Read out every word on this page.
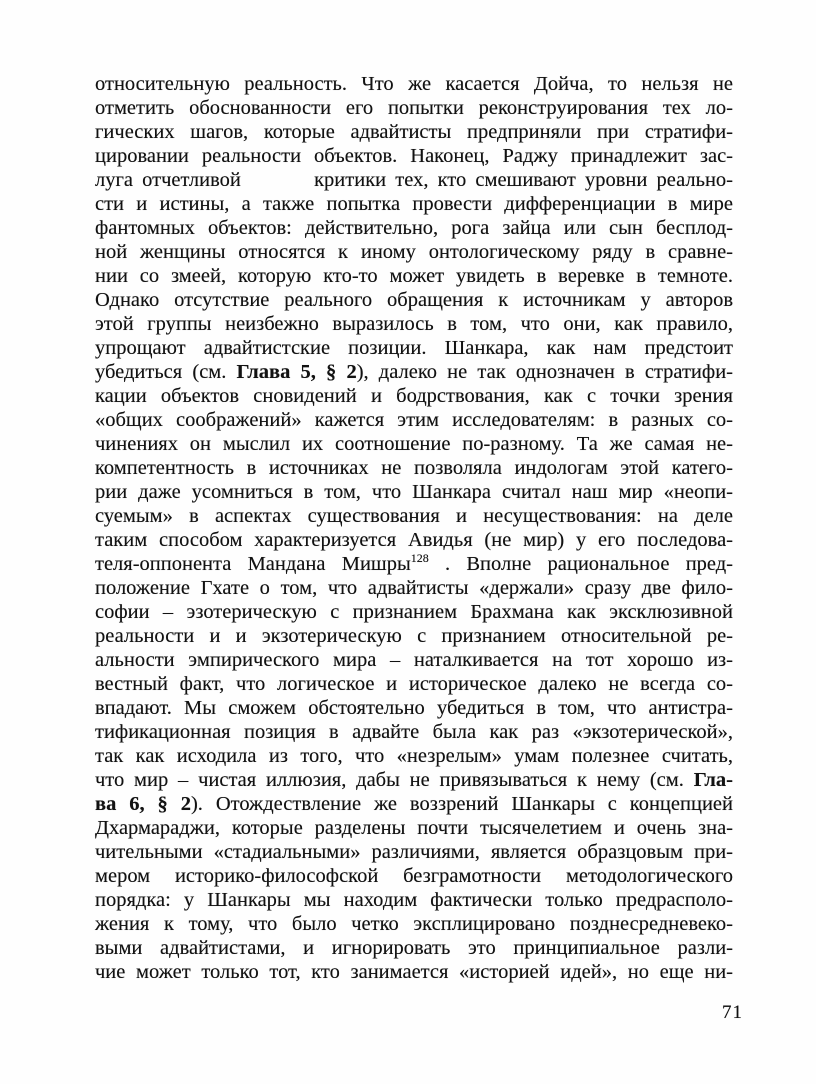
относительную реальность. Что же касается Дойча, то нельзя не
отметить обоснованности его попытки реконструирования тех ло-
гических шагов, которые адвайтисты предприняли при стратифи-
цировании реальности объектов. Наконец, Раджу принадлежит зас-
луга отчетливой        критики тех, кто смешивают уровни реально-
сти и истины, а также попытка провести дифференциации в мире
фантомных объектов: действительно, рога зайца или сын бесплод-
ной женщины относятся к иному онтологическому ряду в сравне-
нии со змеей, которую кто-то может увидеть в веревке в темноте.
Однако отсутствие реального обращения к источникам у авторов
этой группы неизбежно выразилось в том, что они, как правило,
упрощают адвайтистские позиции. Шанкара, как нам предстоит
убедиться (см. Глава 5, § 2), далеко не так однозначен в стратифи-
кации объектов сновидений и бодрствования, как с точки зрения
«общих соображений» кажется этим исследователям: в разных со-
чинениях он мыслил их соотношение по-разному. Та же самая не-
компетентность в источниках не позволяла индологам этой катего-
рии даже усомниться в том, что Шанкара считал наш мир «неопи-
суемым» в аспектах существования и несуществования: на деле
таким способом характеризуется Авидья (не мир) у его последова-
теля-оппонента Мандана Мишры$^{128}$ . Вполне рациональное пред-
положение Гхате о том, что адвайтисты «держали» сразу две фило-
софии – эзотерическую с признанием Брахмана как эксклюзивной
реальности и и экзотерическую с признанием относительной ре-
альности эмпирического мира – наталкивается на тот хорошо из-
вестный факт, что логическое и историческое далеко не всегда со-
впадают. Мы сможем обстоятельно убедиться в том, что антистра-
тификационная позиция в адвайте была как раз «экзотерической»,
так как исходила из того, что «незрелым» умам полезнее считать,
что мир – чистая иллюзия, дабы не привязываться к нему (см. Гла-
ва 6, § 2). Отождествление же воззрений Шанкары с концепцией
Дхармараджи, которые разделены почти тысячелетием и очень зна-
чительными «стадиальными» различиями, является образцовым при-
мером историко-философской безграмотности методологического
порядка: у Шанкары мы находим фактически только предрасполо-
жения к тому, что было четко эксплицировано позднесредневеко-
выми адвайтистами, и игнорировать это принципиальное разли-
чие может только тот, кто занимается «историей идей», но еще ни-
71
